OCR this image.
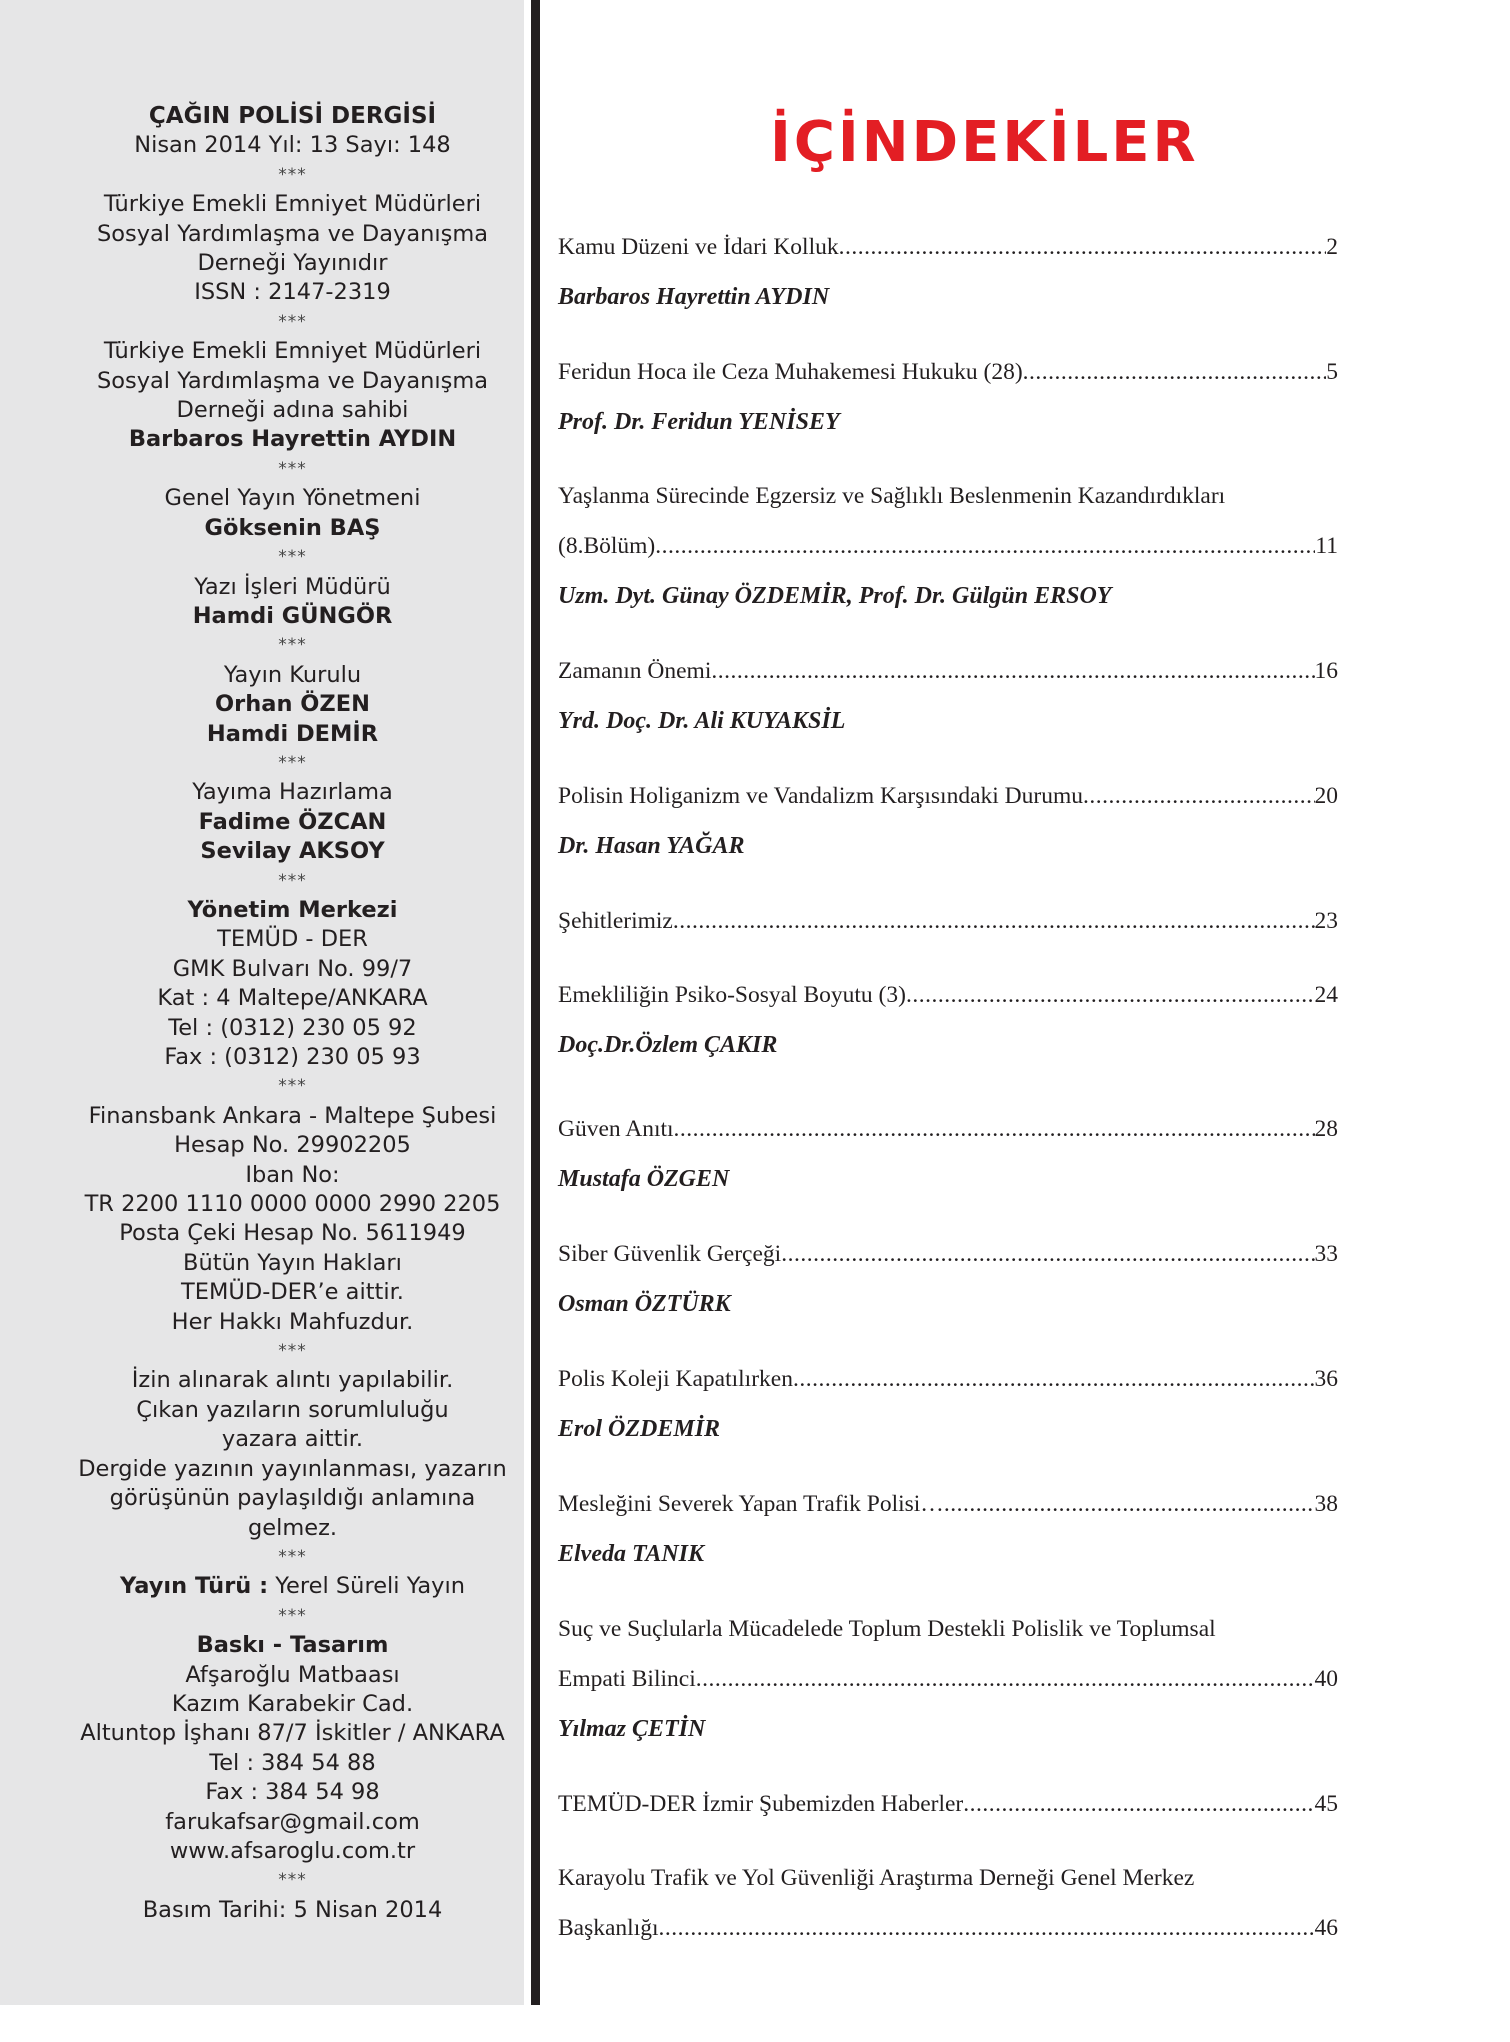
ÇAĞIN POLİSİ DERGİSİ
Nisan 2014 Yıl: 13 Sayı: 148
***
Türkiye Emekli Emniyet Müdürleri
Sosyal Yardımlaşma ve Dayanışma
Derneği Yayınıdır
ISSN : 2147-2319
***
Türkiye Emekli Emniyet Müdürleri
Sosyal Yardımlaşma ve Dayanışma
Derneği adına sahibi
Barbaros Hayrettin AYDIN
***
Genel Yayın Yönetmeni
Göksenin BAŞ
***
Yazı İşleri Müdürü
Hamdi GÜNGÖR
***
Yayın Kurulu
Orhan ÖZEN
Hamdi DEMİR
***
Yayıma Hazırlama
Fadime ÖZCAN
Sevilay AKSOY
***
Yönetim Merkezi
TEMÜD - DER
GMK Bulvarı No. 99/7
Kat : 4 Maltepe/ANKARA
Tel : (0312) 230 05 92
Fax : (0312) 230 05 93
***
Finansbank Ankara - Maltepe Şubesi
Hesap No. 29902205
Iban No:
TR 2200 1110 0000 0000 2990 2205
Posta Çeki Hesap No. 5611949
Bütün Yayın Hakları
TEMÜD-DER’e aittir.
Her Hakkı Mahfuzdur.
***
İzin alınarak alıntı yapılabilir.
Çıkan yazıların sorumluluğu
yazara aittir.
Dergide yazının yayınlanması, yazarın
görüşünün paylaşıldığı anlamına
gelmez.
***
Yayın Türü : Yerel Süreli Yayın
***
Baskı - Tasarım
Afşaroğlu Matbaası
Kazım Karabekir Cad.
Altuntop İşhanı 87/7 İskitler / ANKARA
Tel : 384 54 88
Fax : 384 54 98
farukafsar@gmail.com
www.afsaroglu.com.tr
***
Basım Tarihi: 5 Nisan 2014
İÇİNDEKİLER
Kamu Düzeni ve İdari Kolluk .....	2
Barbaros Hayrettin AYDIN
Feridun Hoca ile Ceza Muhakemesi Hukuku (28) .....	5
Prof. Dr. Feridun YENİSEY
Yaşlanma Sürecinde Egzersiz ve Sağlıklı Beslenmenin Kazandırdıkları
(8.Bölüm) .....	11
Uzm. Dyt. Günay ÖZDEMİR, Prof. Dr. Gülgün ERSOY
Zamanın Önemi .....	16
Yrd. Doç. Dr. Ali KUYAKSİL
Polisin Holiganizm ve Vandalizm Karşısındaki Durumu .....	20
Dr. Hasan YAĞAR
Şehitlerimiz .....	23
Emekliliğin Psiko-Sosyal Boyutu (3) .....	24
Doç.Dr.Özlem ÇAKIR
Güven Anıtı .....	28
Mustafa ÖZGEN
Siber Güvenlik Gerçeği .....	33
Osman ÖZTÜRK
Polis Koleji Kapatılırken .....	36
Erol ÖZDEMİR
Mesleğini Severek Yapan Trafik Polisi… .....	38
Elveda TANIK
Suç ve Suçlularla Mücadelede Toplum Destekli Polislik ve Toplumsal
Empati Bilinci .....	40
Yılmaz ÇETİN
TEMÜD-DER İzmir Şubemizden Haberler .....	45
Karayolu Trafik ve Yol Güvenliği Araştırma Derneği Genel Merkez
Başkanlığı .....	46
